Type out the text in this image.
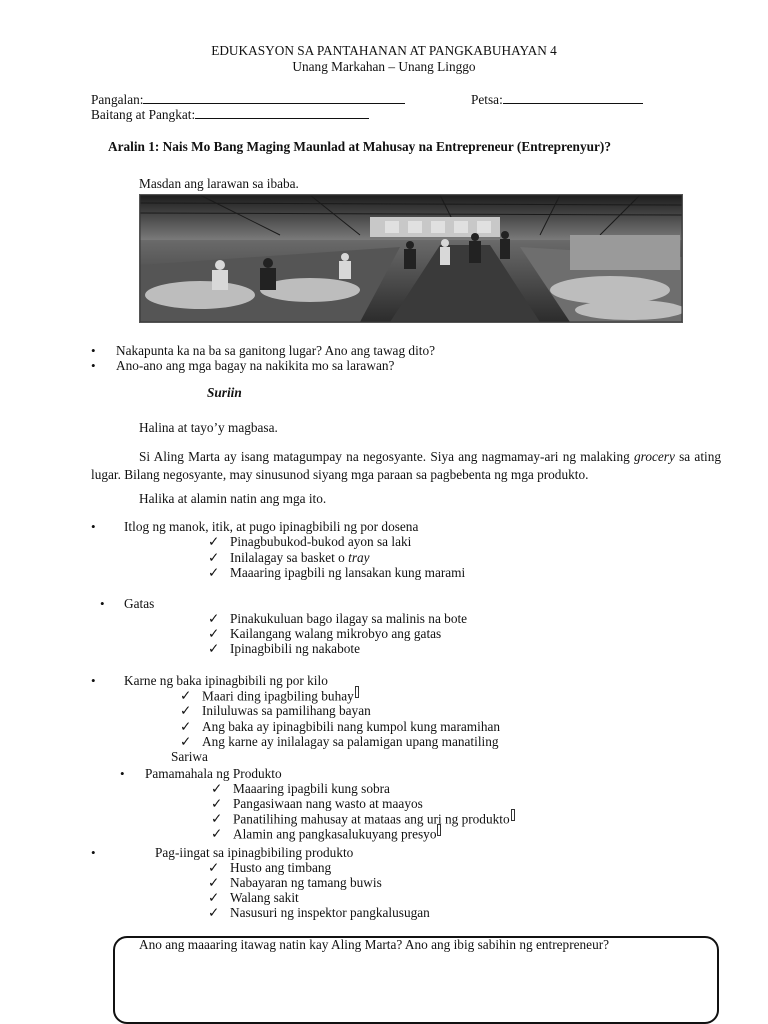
EDUKASYON SA PANTAHANAN AT PANGKABUHAYAN 4
Unang Markahan – Unang Linggo
Pangalan:	Petsa:
Baitang at Pangkat:
Aralin 1: Nais Mo Bang Maging Maunlad at Mahusay na Entrepreneur (Entreprenyur)?
Masdan ang larawan sa ibaba.
• Nakapunta ka na ba sa ganitong lugar? Ano ang tawag dito?
• Ano-ano ang mga bagay na nakikita mo sa larawan?
Suriin
Halina at tayo’y magbasa.

Si Aling Marta ay isang matagumpay na negosyante. Siya ang nagmamay-ari ng malaking grocery sa ating lugar. Bilang negosyante, may sinusunod siyang mga paraan sa pagbebenta ng mga produkto.

Halika at alamin natin ang mga ito.
• Itlog ng manok, itik, at pugo ipinagbibili ng por dosena
✓ Pinagbubukod-bukod ayon sa laki
✓ Inilalagay sa basket o tray
✓ Maaaring ipagbili ng lansakan kung marami
• Gatas
✓ Pinakukuluan bago ilagay sa malinis na bote
✓ Kailangang walang mikrobyo ang gatas
✓ Ipinagbibili ng nakabote
• Karne ng baka ipinagbibili ng por kilo
✓ Maari ding ipagbiling buhay
✓ Iniluluwas sa pamilihang bayan
✓ Ang baka ay ipinagbibili nang kumpol kung maramihan
✓ Ang karne ay inilalagay sa palamigan upang manatiling
Sariwa
• Pamamahala ng Produkto
✓ Maaaring ipagbili kung sobra
✓ Pangasiwaan nang wasto at maayos
✓ Panatilihing mahusay at mataas ang uri ng produkto
✓ Alamin ang pangkasalukuyang presyo
•	Pag-iingat sa ipinagbibiling produkto
✓ Husto ang timbang
✓ Nabayaran ng tamang buwis
✓ Walang sakit
✓ Nasusuri ng inspektor pangkalusugan
Ano ang maaaring itawag natin kay Aling Marta? Ano ang ibig sabihin ng entrepreneur?
